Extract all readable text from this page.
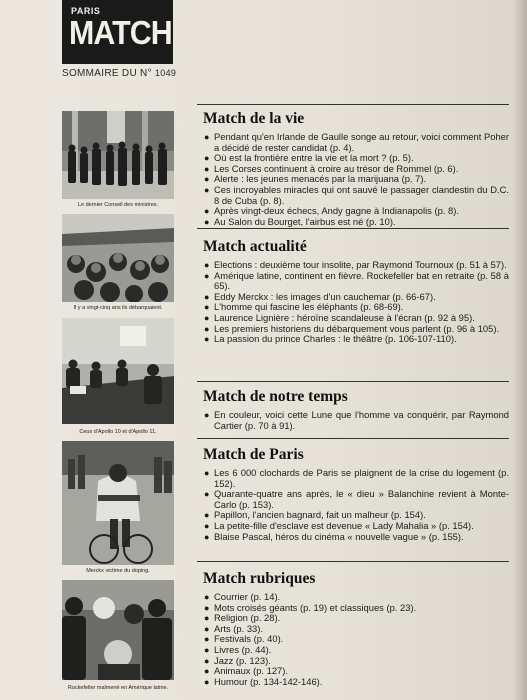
PARIS
MATCH
SOMMAIRE DU N° 1049
Le dernier Conseil des ministres.
Il y a vingt-cinq ans ils débarquaient.
Ceux d'Apollo 10 et d'Apollo 11.
Merckx victime du doping.
Rockefeller malmené en Amérique latine.
Match de la vie
● Pendant qu'en Irlande de Gaulle songe au retour, voici comment Poher a décidé de rester candidat (p. 4).
● Où est la frontière entre la vie et la mort ? (p. 5).
● Les Corses continuent à croire au trésor de Rommel (p. 6).
● Alerte : les jeunes menacés par la marijuana (p. 7).
● Ces incroyables miracles qui ont sauvé le passager clandestin du D.C. 8 de Cuba (p. 8).
● Après vingt-deux échecs, Andy gagne à Indianapolis (p. 8).
● Au Salon du Bourget, l'airbus est né (p. 10).
Match actualité
● Elections : deuxième tour insolite, par Raymond Tournoux (p. 51 à 57).
● Amérique latine, continent en fièvre. Rockefeller bat en retraite (p. 58 à 65).
● Eddy Merckx : les images d'un cauchemar (p. 66-67).
● L'homme qui fascine les éléphants (p. 68-69).
● Laurence Lignière : héroïne scandaleuse à l'écran (p. 92 à 95).
● Les premiers historiens du débarquement vous parlent (p. 96 à 105).
● La passion du prince Charles : le théâtre (p. 106-107-110).
Match de notre temps
● En couleur, voici cette Lune que l'homme va conquérir, par Raymond Cartier (p. 70 à 91).
Match de Paris
● Les 6 000 clochards de Paris se plaignent de la crise du logement (p. 152).
● Quarante-quatre ans après, le « dieu » Balanchine revient à Monte-Carlo (p. 153).
● Papillon, l'ancien bagnard, fait un malheur (p. 154).
● La petite-fille d'esclave est devenue « Lady Mahalia » (p. 154).
● Blaise Pascal, héros du cinéma « nouvelle vague » (p. 155).
Match rubriques
● Courrier (p. 14).
● Mots croisés géants (p. 19) et classiques (p. 23).
● Religion (p. 28).
● Arts (p. 33).
● Festivals (p. 40).
● Livres (p. 44).
● Jazz (p. 123).
● Animaux (p. 127).
● Humour (p. 134-142-146).
